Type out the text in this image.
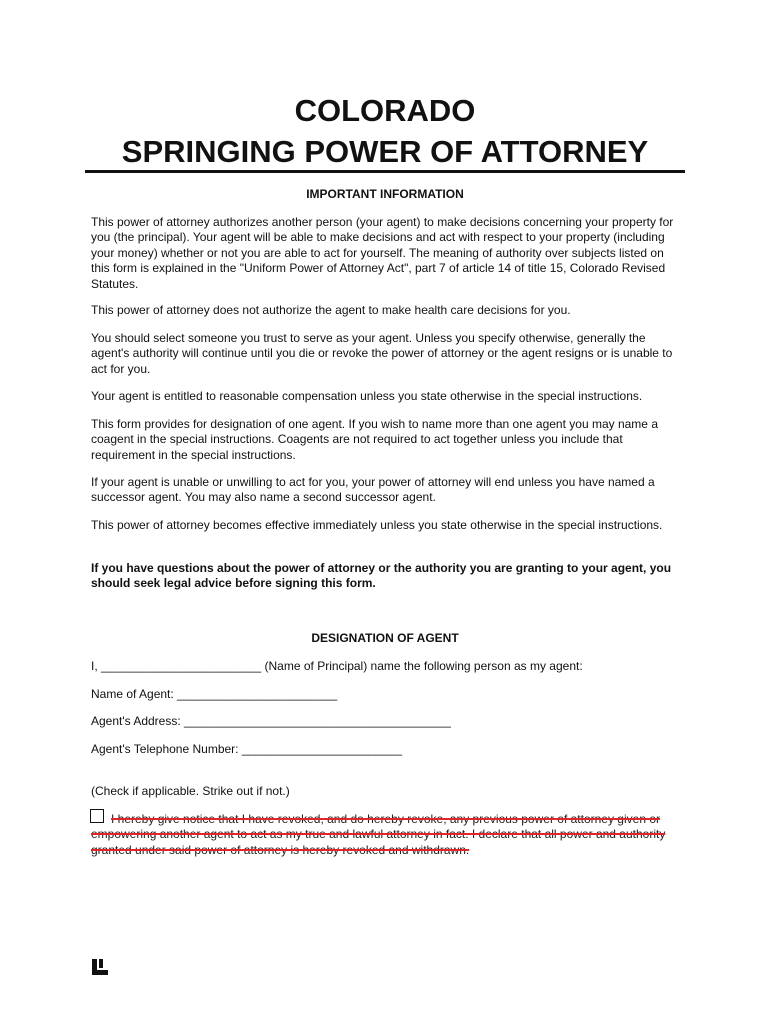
COLORADO
SPRINGING POWER OF ATTORNEY
IMPORTANT INFORMATION

This power of attorney authorizes another person (your agent) to make decisions concerning your property for you (the principal). Your agent will be able to make decisions and act with respect to your property (including your money) whether or not you are able to act for yourself. The meaning of authority over subjects listed on this form is explained in the "Uniform Power of Attorney Act", part 7 of article 14 of title 15, Colorado Revised Statutes.

This power of attorney does not authorize the agent to make health care decisions for you.

You should select someone you trust to serve as your agent. Unless you specify otherwise, generally the agent's authority will continue until you die or revoke the power of attorney or the agent resigns or is unable to act for you.

Your agent is entitled to reasonable compensation unless you state otherwise in the special instructions.

This form provides for designation of one agent. If you wish to name more than one agent you may name a coagent in the special instructions. Coagents are not required to act together unless you include that requirement in the special instructions.

If your agent is unable or unwilling to act for you, your power of attorney will end unless you have named a successor agent. You may also name a second successor agent.

This power of attorney becomes effective immediately unless you state otherwise in the special instructions.

If you have questions about the power of attorney or the authority you are granting to your agent, you should seek legal advice before signing this form.

DESIGNATION OF AGENT
I, ________________________ (Name of Principal) name the following person as my agent:
Name of Agent: ________________________
Agent's Address: ________________________________________
Agent's Telephone Number: ________________________
(Check if applicable. Strike out if not.)

I hereby give notice that I have revoked, and do hereby revoke, any previous power of attorney given or empowering another agent to act as my true and lawful attorney in fact. I declare that all power and authority granted under said power of attorney is hereby revoked and withdrawn.
